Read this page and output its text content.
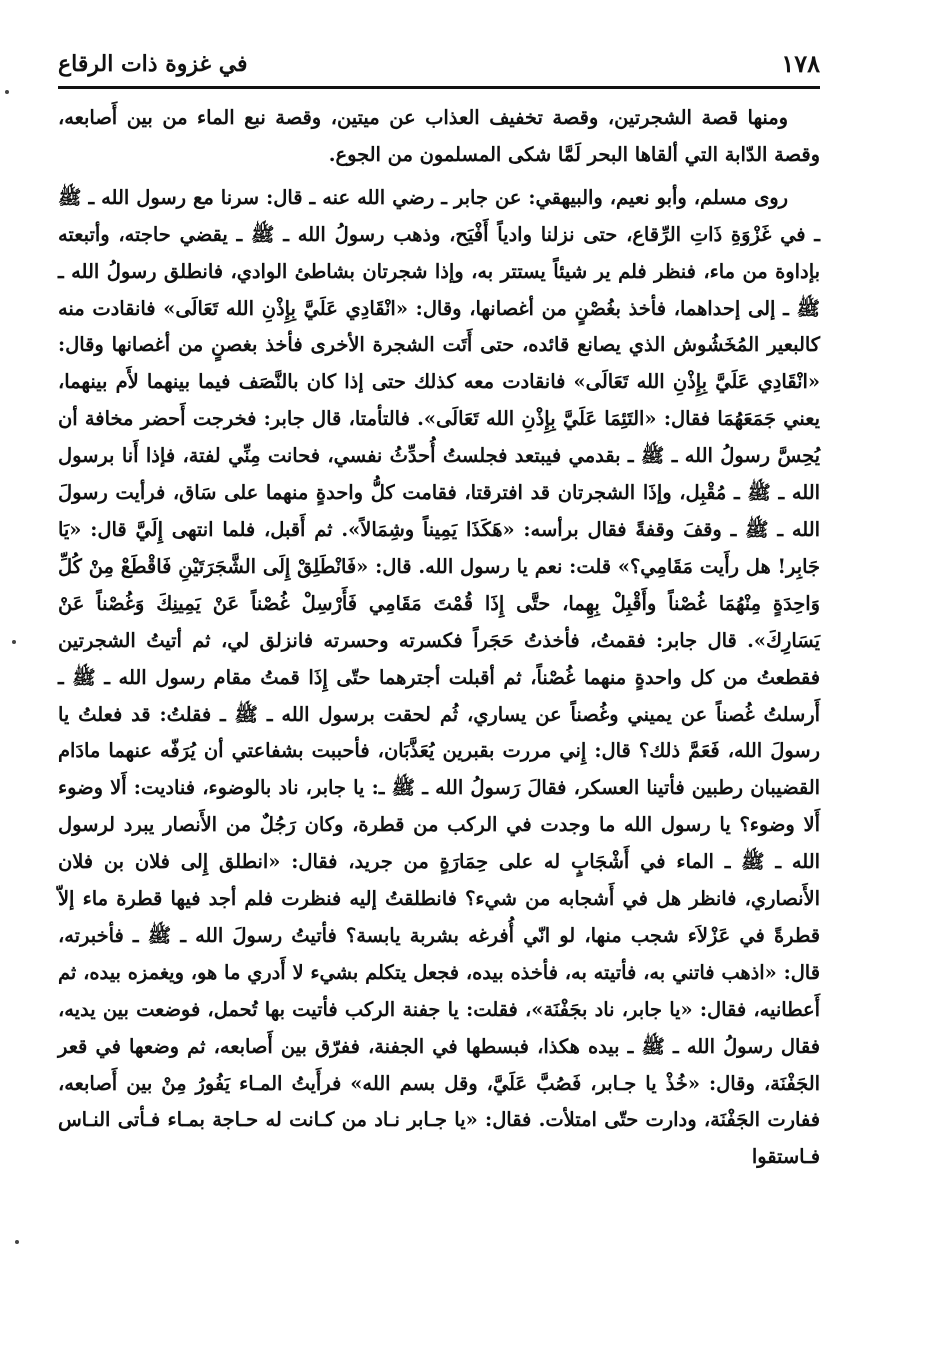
١٧٨
في غزوة ذات الرقاع

ومنها قصة الشجرتين، وقصة تخفيف العذاب عن ميتين، وقصة نبع الماء من بين أَصابعه، وقصة الدّابة التي ألقاها البحر لَمَّا شكى المسلمون من الجوع.

روى مسلم، وأبو نعيم، والبيهقي: عن جابر ـ رضي الله عنه ـ قال: سرنا مع رسول الله ـ ﷺ ـ في غَزْوَةِ ذَاتِ الرِّقاع، حتى نزلنا وادياً أَفْيَح، وذهب رسولُ الله ـ ﷺ ـ يقضي حاجته، وأتبعته بإداوة من ماء، فنظر فلم ير شيئاً يستتر به، وإذا شجرتان بشاطئ الوادي، فانطلق رسولُ الله ـ ﷺ ـ إلى إحداهما، فأخذ بغُصْنٍ من أغصانها، وقال: «انْقَادِي عَلَيَّ بِإِذْنِ الله تَعَالَى» فانقادت منه كالبعير المُخَشُوش الذي يصانع قائده، حتى أَتَت الشجرة الأخرى فأخذ بغصنٍ من أغصانها وقال: «انْقَادِي عَلَيَّ بِإِذْنِ الله تَعَالَى» فانقادت معه كذلك حتى إذا كان بالنَّصَف فيما بينهما لأَم بينهما، يعني جَمَعَهُمَا فقال: «التَئِمَا عَلَيَّ بِإِذْنِ الله تَعَالَى». فالتأمتا، قال جابر: فخرجت أَحضر مخافة أن يُحِسَّ رسولُ الله ـ ﷺ ـ بقدمي فيبتعد فجلستُ أُحدِّثُ نفسي، فحانت مِنِّي لفتة، فإذا أَنا برسول الله ـ ﷺ ـ مُقْبِل، وإذَا الشجرتان قد افترقتا، فقامت كلُّ واحدةٍ منهما على سَاق، فرأيت رسولَ الله ـ ﷺ ـ وقفَ وقفةً فقال برأسه: «هَكَذَا يَمِيناً وشِمَالاً». ثم أَقبل، فلما انتهى إِلَيَّ قال: «يَا جَابِر! هل رأَيت مَقَامِي؟» قلت: نعم يا رسول الله. قال: «فَانْطَلِقْ إِلَى الشَّجَرَتَيْنِ فَاقْطَعْ مِنْ كُلِّ وَاحِدَةٍ مِنْهُمَا غُصْناً وأَقْبِلْ بِهِما، حتَّى إِذَا قُمْتَ مَقَامِي فَأَرْسِلْ غُصْناً عَنْ يَمِينِكَ وَغُصْناً عَنْ يَسَارِكَ». قال جابر: فقمتُ، فأخذتُ حَجَراً فكسرته وحسرته فانزلق لي، ثم أتيتُ الشجرتين فقطعتُ من كل واحدةٍ منهما غُصْناً، ثم أقبلت أجترهما حتّى إِذَا قمتُ مقام رسول الله ـ ﷺ ـ أَرسلتُ غُصناً عن يميني وغُصناً عن يساري، ثُم لحقت برسول الله ـ ﷺ ـ فقلتُ: قد فعلتُ يا رسولَ الله، فَعَمَّ ذلك؟ قال: إِني مررت بقبرين يُعَذَّبَان، فأحببت بشفاعتي أن يُرَفّه عنهما مادَام القضيبان رطبين فأتينا العسكر، فقالَ رَسولُ الله ـ ﷺ ـ: يا جابر، ناد بالوضوء، فناديت: أَلا وضوء أَلا وضوء؟ يا رسول الله ما وجدت في الركب من قطرة، وكان رَجُلٌ من الأَنصار يبرد لرسول الله ـ ﷺ ـ الماء في أَشْجَابٍ له على حِمَارَةٍ من جريد، فقال: «انطلق إِلى فلان بن فلان الأَنصاري، فانظر هل في أَشجابه من شيء؟ فانطلقتُ إليه فنظرت فلم أجد فيها قطرة ماء إلاّ قطرةً في عَزْلاَء شجب منها، لو انّي أُفرغه بشربة يابسة؟ فأتيتُ رسولَ الله ـ ﷺ ـ فأخبرته، قال: «اذهب فاتني به، فأتيته به، فأخذه بيده، فجعل يتكلم بشيء لا أَدري ما هو، ويغمزه بيده، ثم أَعطانيه، فقال: «يا جابر، ناد بجَفْنَة»، فقلت: يا جفنة الركب فأتيت بها تُحمل، فوضعت بين يديه، فقال رسولُ الله ـ ﷺ ـ بيده هكذا، فبسطها في الجفنة، ففرّق بين أَصابعه، ثم وضعها في قعر الجَفْنَة، وقال: «خُذْ يا جـابر، فَصُبَّ عَلَيَّ، وقل بسم الله» فرأَيتُ المـاء يَفُورُ مِنْ بين أَصابعه، ففارت الجَفْنَة، ودارت حتّى امتلأت. فقال: «يا جـابر نـاد من كـانت له حـاجة بمـاء فـأتى النـاس فـاستقوا
